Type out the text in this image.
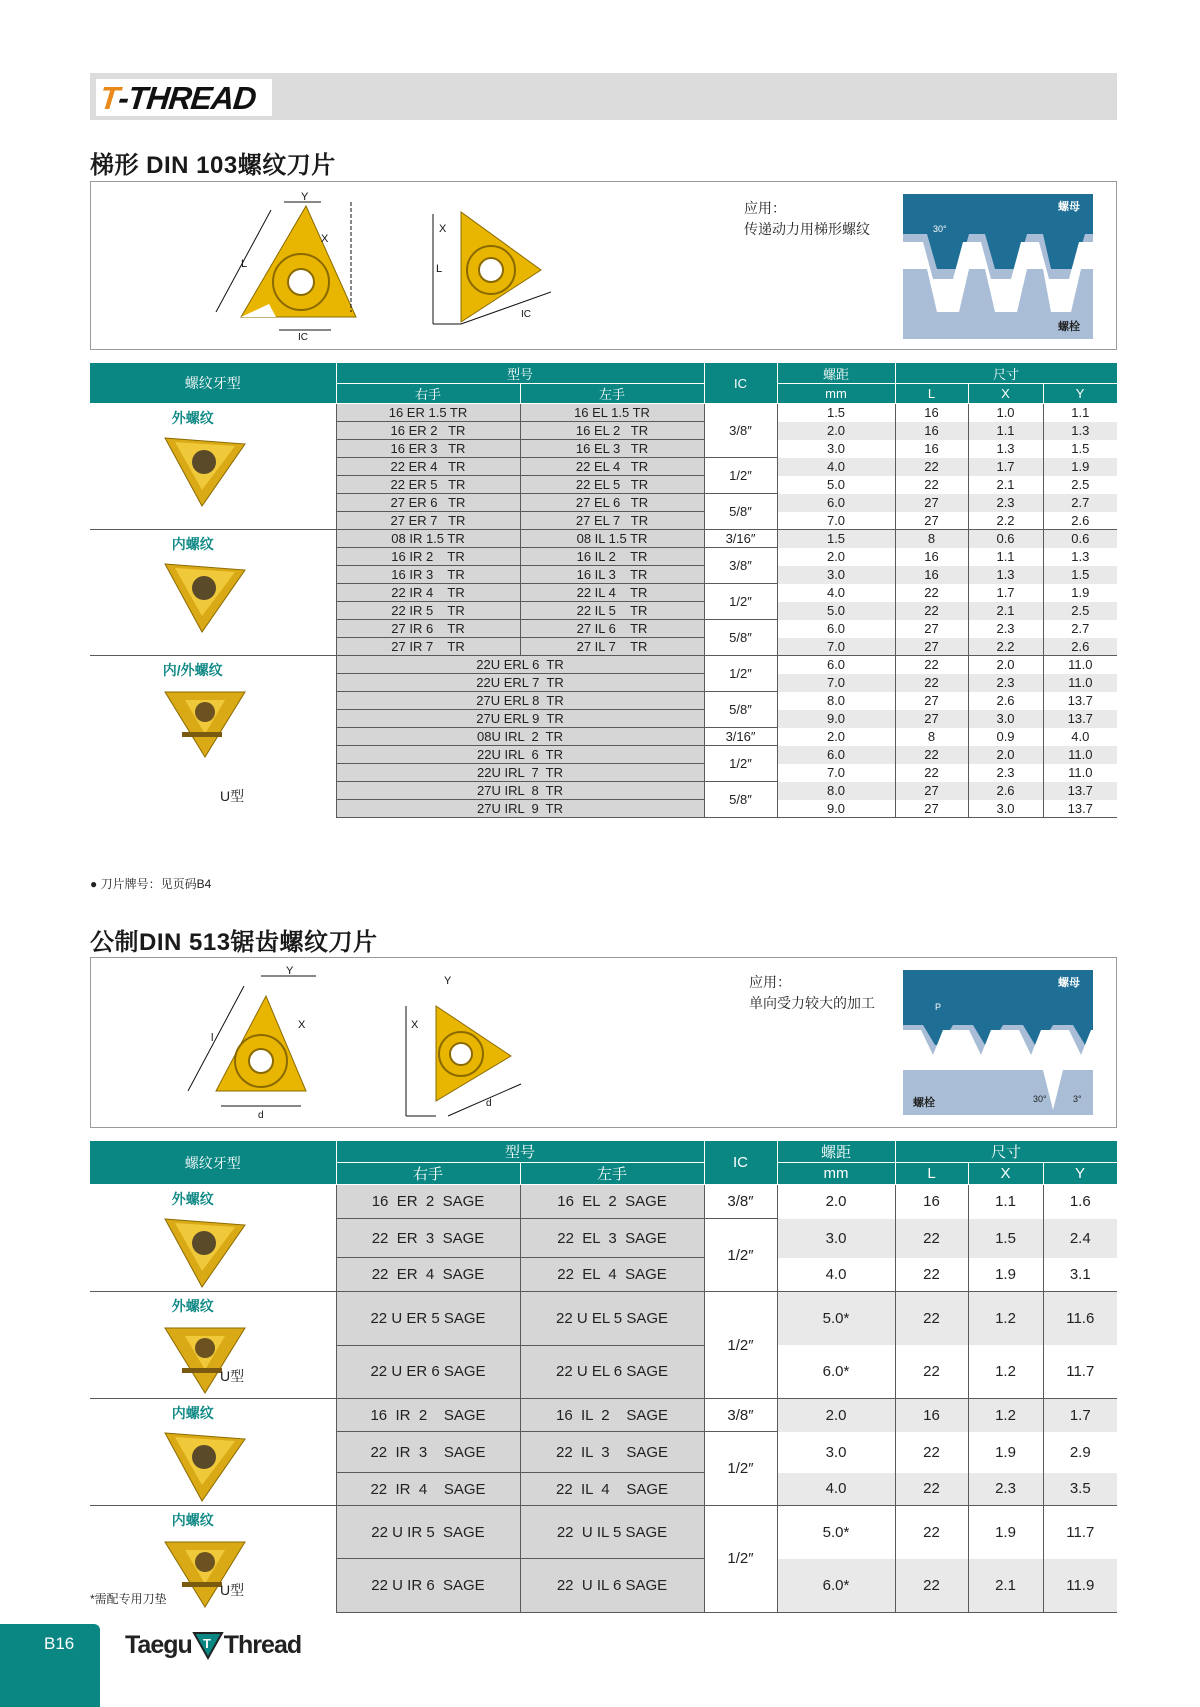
T-THREAD
梯形 DIN 103螺纹刀片
L
Y
X
IC
L
X
IC
应用：
传递动力用梯形螺纹
螺母
螺栓
30°
螺纹牙型	型号		IC	螺距	尺寸		
	右手	左手		mm	L	X	Y

外螺纹	16 ER 1.5 TR	16 EL 1.5 TR	3/8″	1.5	16	1.0	1.1
	16 ER 2   TR	16 EL 2   TR		2.0	16	1.1	1.3
	16 ER 3   TR	16 EL 3   TR		3.0	16	1.3	1.5
	22 ER 4   TR	22 EL 4   TR	1/2″	4.0	22	1.7	1.9
	22 ER 5   TR	22 EL 5   TR		5.0	22	2.1	2.5
	27 ER 6   TR	27 EL 6   TR	5/8″	6.0	27	2.3	2.7
	27 ER 7   TR	27 EL 7   TR		7.0	27	2.2	2.6

内螺纹	08 IR 1.5 TR	08 IL 1.5 TR	3/16″	1.5	8	0.6	0.6
	16 IR 2    TR	16 IL 2    TR	3/8″	2.0	16	1.1	1.3
	16 IR 3    TR	16 IL 3    TR		3.0	16	1.3	1.5
	22 IR 4    TR	22 IL 4    TR	1/2″	4.0	22	1.7	1.9
	22 IR 5    TR	22 IL 5    TR		5.0	22	2.1	2.5
	27 IR 6    TR	27 IL 6    TR	5/8″	6.0	27	2.3	2.7
	27 IR 7    TR	27 IL 7    TR		7.0	27	2.2	2.6

内/外螺纹
U型	22U ERL 6  TR		1/2″	6.0	22	2.0	11.0
	22U ERL 7  TR			7.0	22	2.3	11.0
	27U ERL 8  TR		5/8″	8.0	27	2.6	13.7
	27U ERL 9  TR			9.0	27	3.0	13.7
	08U IRL  2  TR		3/16″	2.0	8	0.9	4.0
	22U IRL  6  TR		1/2″	6.0	22	2.0	11.0
	22U IRL  7  TR			7.0	22	2.3	11.0
	27U IRL  8  TR		5/8″	8.0	27	2.6	13.7
	27U IRL  9  TR			9.0	27	3.0	13.7
● 刀片牌号：见页码B4
公制DIN 513锯齿螺纹刀片
l
Y
X
d
X
Y
d
应用：
单向受力较大的加工
螺母
螺栓
P
30°	3°
螺纹牙型	型号		IC	螺距	尺寸		
	右手	左手		mm	L	X	Y

外螺纹	16  ER  2  SAGE	16  EL  2  SAGE	3/8″	2.0	16	1.1	1.6
	22  ER  3  SAGE	22  EL  3  SAGE	1/2″	3.0	22	1.5	2.4
	22  ER  4  SAGE	22  EL  4  SAGE		4.0	22	1.9	3.1

外螺纹
U型	22 U ER 5 SAGE	22 U EL 5 SAGE	1/2″	5.0*	22	1.2	11.6
	22 U ER 6 SAGE	22 U EL 6 SAGE		6.0*	22	1.2	11.7

内螺纹	16  IR  2    SAGE	16  IL  2    SAGE	3/8″	2.0	16	1.2	1.7
	22  IR  3    SAGE	22  IL  3    SAGE	1/2″	3.0	22	1.9	2.9
	22  IR  4    SAGE	22  IL  4    SAGE		4.0	22	2.3	3.5

内螺纹
U型	22 U IR 5  SAGE	22  U IL 5 SAGE	1/2″	5.0*	22	1.9	11.7
	22 U IR 6  SAGE	22  U IL 6 SAGE		6.0*	22	2.1	11.9
*需配专用刀垫
B16 Taegu T Thread
